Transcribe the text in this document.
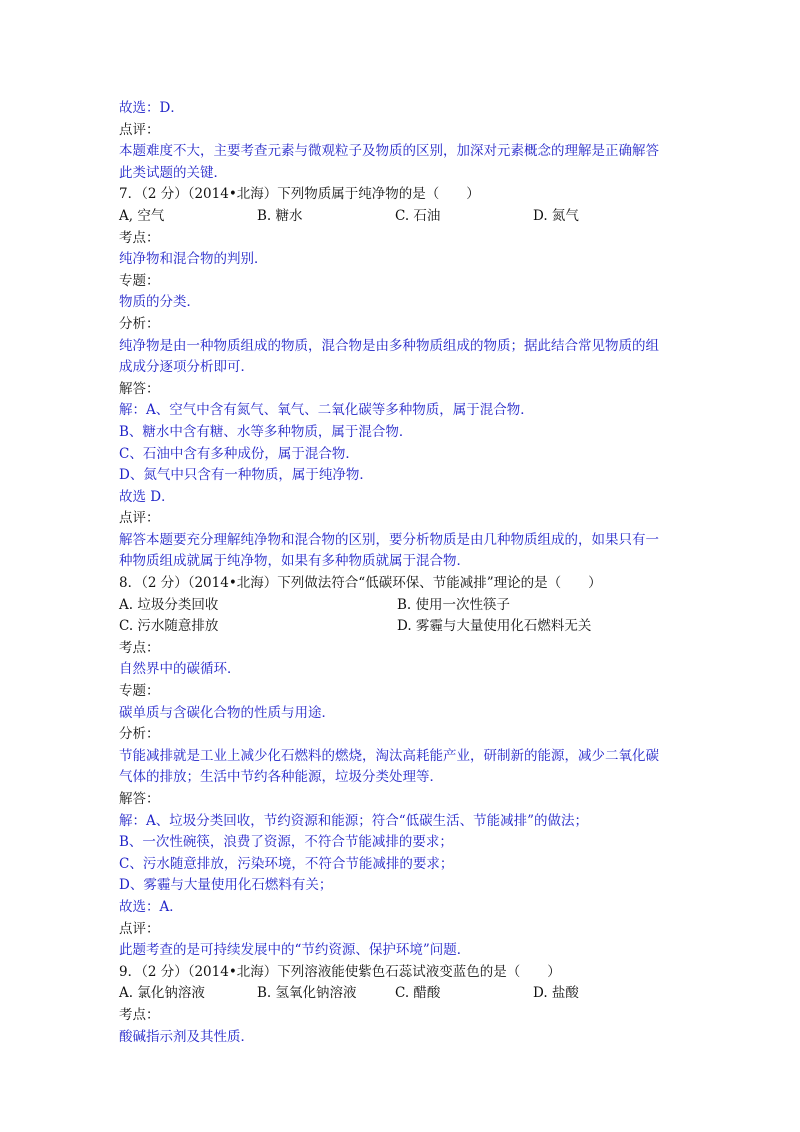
故选：D．
点评：
本题难度不大，主要考查元素与微观粒子及物质的区别，加深对元素概念的理解是正确解答
此类试题的关键．
7．（2 分）（2014•北海）下列物质属于纯净物的是（　　）
A, 空气	B. 糖水	C. 石油	D. 氮气
考点：
纯净物和混合物的判别．
专题：
物质的分类．
分析：
纯净物是由一种物质组成的物质，混合物是由多种物质组成的物质；据此结合常见物质的组
成成分逐项分析即可．
解答：
解：A、空气中含有氮气、氧气、二氧化碳等多种物质，属于混合物．
B、糖水中含有糖、水等多种物质，属于混合物．
C、石油中含有多种成份，属于混合物．
D、氮气中只含有一种物质，属于纯净物．
故选 D．
点评：
解答本题要充分理解纯净物和混合物的区别，要分析物质是由几种物质组成的，如果只有一
种物质组成就属于纯净物，如果有多种物质就属于混合物．
8．（2 分）（2014•北海）下列做法符合“低碳环保、节能减排”理论的是（　　）
A. 垃圾分类回收	B. 使用一次性筷子
C. 污水随意排放	D. 雾霾与大量使用化石燃料无关
考点：
自然界中的碳循环．
专题：
碳单质与含碳化合物的性质与用途．
分析：
节能减排就是工业上减少化石燃料的燃烧，淘汰高耗能产业，研制新的能源，减少二氧化碳
气体的排放；生活中节约各种能源，垃圾分类处理等．
解答：
解：A、垃圾分类回收，节约资源和能源；符合“低碳生活、节能减排”的做法；
B、一次性碗筷，浪费了资源，不符合节能减排的要求；
C、污水随意排放，污染环境，不符合节能减排的要求；
D、雾霾与大量使用化石燃料有关；
故选：A．
点评：
此题考查的是可持续发展中的“节约资源、保护环境”问题．
9．（2 分）（2014•北海）下列溶液能使紫色石蕊试液变蓝色的是（　　）
A. 氯化钠溶液	B. 氢氧化钠溶液	C. 醋酸	D. 盐酸
考点：
酸碱指示剂及其性质．
